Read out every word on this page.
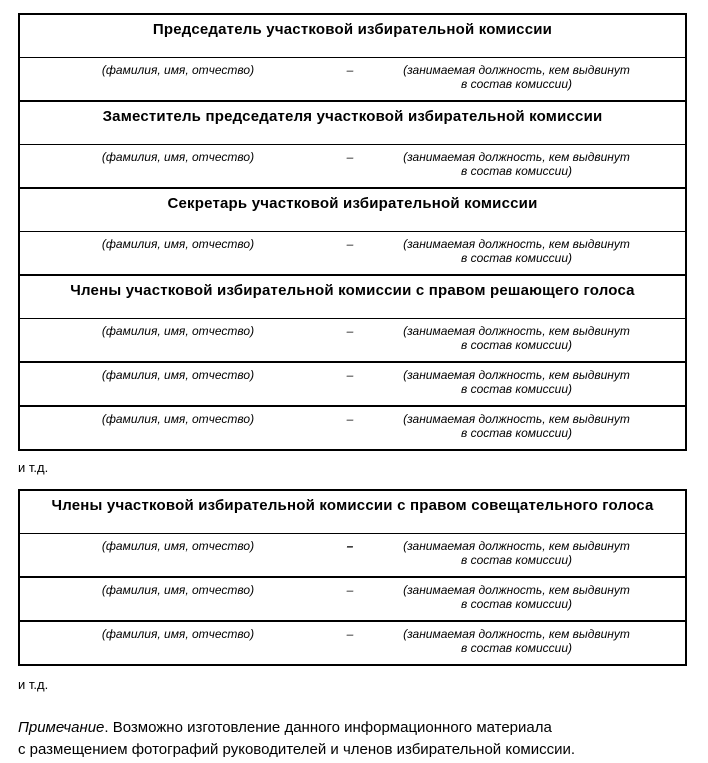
Председатель участковой избирательной комиссии
(фамилия, имя, отчество)	–	(занимаемая должность, кем выдвинут
в состав комиссии)
Заместитель председателя участковой избирательной комиссии
(фамилия, имя, отчество)	–	(занимаемая должность, кем выдвинут
в состав комиссии)
Секретарь участковой избирательной комиссии
(фамилия, имя, отчество)	–	(занимаемая должность, кем выдвинут
в состав комиссии)
Члены участковой избирательной комиссии с правом решающего голоса
(фамилия, имя, отчество)	–	(занимаемая должность, кем выдвинут
в состав комиссии)
(фамилия, имя, отчество)	–	(занимаемая должность, кем выдвинут
в состав комиссии)
(фамилия, имя, отчество)	–	(занимаемая должность, кем выдвинут
в состав комиссии)
и т.д.
Члены участковой избирательной комиссии с правом совещательного голоса
(фамилия, имя, отчество)	–	(занимаемая должность, кем выдвинут
в состав комиссии)
(фамилия, имя, отчество)	–	(занимаемая должность, кем выдвинут
в состав комиссии)
(фамилия, имя, отчество)	–	(занимаемая должность, кем выдвинут
в состав комиссии)
и т.д.
Примечание. Возможно изготовление данного информационного материала
с размещением фотографий руководителей и членов избирательной комиссии.
